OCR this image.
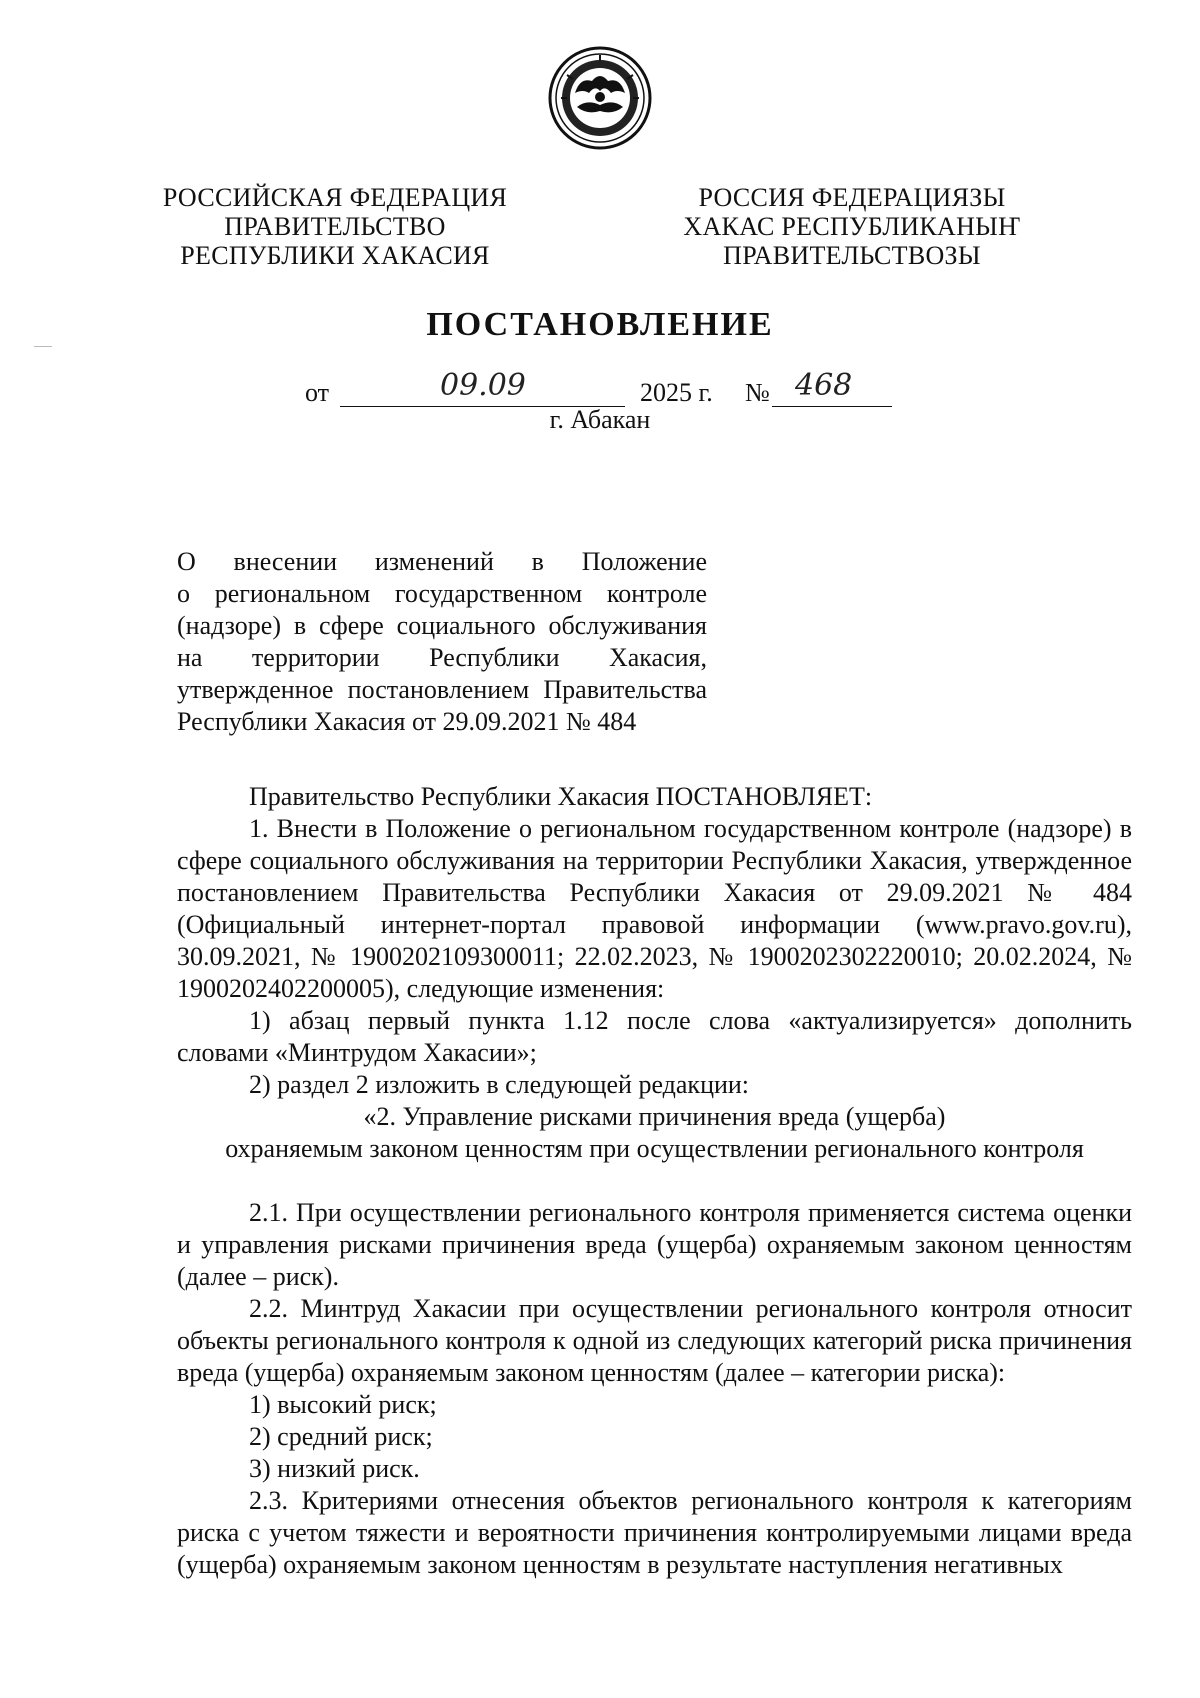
РОССИЙСКАЯ ФЕДЕРАЦИЯ
ПРАВИТЕЛЬСТВО
РЕСПУБЛИКИ ХАКАСИЯ
РОССИЯ ФЕДЕРАЦИЯЗЫ
ХАКАС РЕСПУБЛИКАНЫҤ
ПРАВИТЕЛЬСТВОЗЫ
ПОСТАНОВЛЕНИЕ
от	09.09	2025 г. № 468
г. Абакан
О внесении изменений в Положение
о региональном государственном контроле
(надзоре) в сфере социального обслуживания
на территории Республики Хакасия,
утвержденное постановлением Правительства
Республики Хакасия от 29.09.2021 № 484

Правительство Республики Хакасия ПОСТАНОВЛЯЕТ:

1. Внести в Положение о региональном государственном контроле (надзоре) в сфере социального обслуживания на территории Республики Хакасия, утвержденное постановлением Правительства Республики Хакасия от 29.09.2021 № 484 (Официальный интернет-портал правовой информации (www.pravo.gov.ru), 30.09.2021, № 1900202109300011; 22.02.2023, № 1900202302220010; 20.02.2024, № 1900202402200005), следующие изменения:

1) абзац первый пункта 1.12 после слова «актуализируется» дополнить словами «Минтрудом Хакасии»;

2) раздел 2 изложить в следующей редакции:

«2. Управление рисками причинения вреда (ущерба)

охраняемым законом ценностям при осуществлении регионального контроля

2.1. При осуществлении регионального контроля применяется система оценки и управления рисками причинения вреда (ущерба) охраняемым законом ценностям (далее – риск).

2.2. Минтруд Хакасии при осуществлении регионального контроля относит объекты регионального контроля к одной из следующих категорий риска причинения вреда (ущерба) охраняемым законом ценностям (далее – категории риска):

1) высокий риск;

2) средний риск;

3) низкий риск.

2.3. Критериями отнесения объектов регионального контроля к категориям риска с учетом тяжести и вероятности причинения контролируемыми лицами вреда (ущерба) охраняемым законом ценностям в результате наступления негативных
